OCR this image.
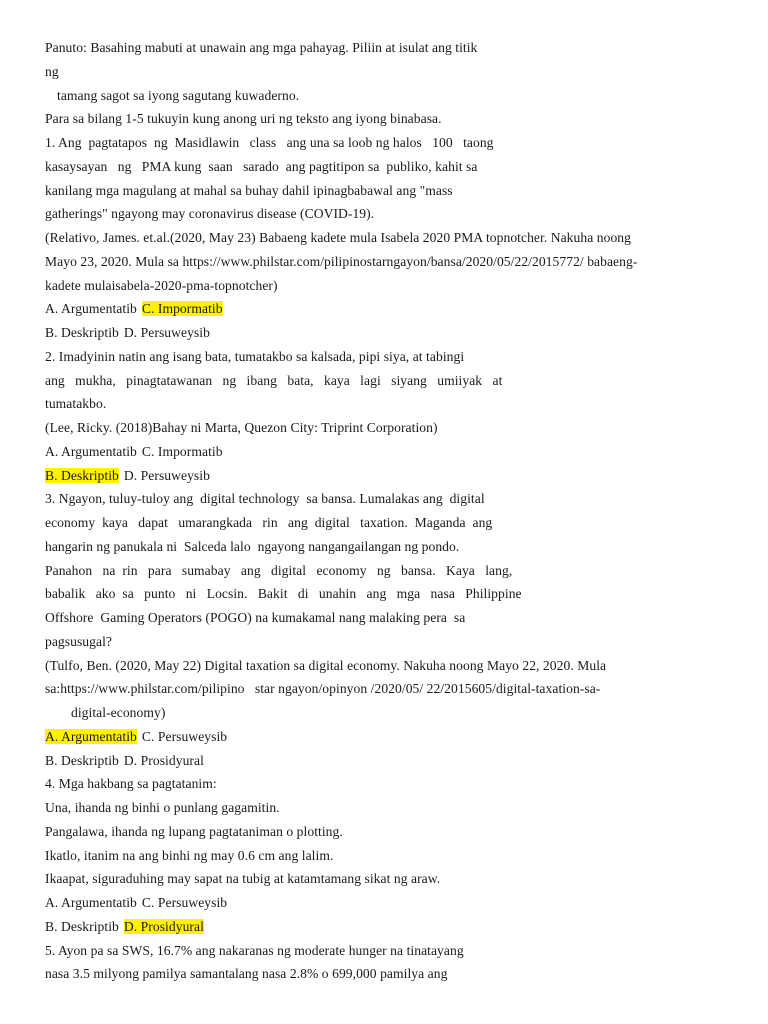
Panuto: Basahing mabuti at unawain ang mga pahayag. Piliin at isulat ang titik
ng
tamang sagot sa iyong sagutang kuwaderno.
Para sa bilang 1-5 tukuyin kung anong uri ng teksto ang iyong binabasa.
1. Ang  pagtatapos  ng  Masidlawin   class   ang una sa loob ng halos   100   taong
kasaysayan   ng   PMA kung  saan   sarado  ang pagtitipon sa  publiko, kahit sa
kanilang mga magulang at mahal sa buhay dahil ipinagbabawal ang "mass
gatherings" ngayong may coronavirus disease (COVID-19).
(Relativo, James. et.al.(2020, May 23) Babaeng kadete mula Isabela 2020 PMA topnotcher. Nakuha noong
Mayo 23, 2020. Mula sa https://www.philstar.com/pilipinostarngayon/bansa/2020/05/22/2015772/ babaeng-
kadete mulaisabela-2020-pma-topnotcher)
A. Argumentatib C. Impormatib
B. Deskriptib D. Persuweysib
2. Imadyinin natin ang isang bata, tumatakbo sa kalsada, pipi siya, at tabingi
ang   mukha,   pinagtatawanan   ng   ibang   bata,   kaya   lagi   siyang   umiiyak   at
tumatakbo.
(Lee, Ricky. (2018)Bahay ni Marta, Quezon City: Triprint Corporation)
A. Argumentatib C. Impormatib
B. Deskriptib D. Persuweysib
3. Ngayon, tuluy-tuloy ang  digital technology  sa bansa. Lumalakas ang  digital
economy  kaya   dapat   umarangkada   rin   ang  digital   taxation.  Maganda  ang
hangarin ng panukala ni  Salceda lalo  ngayong nangangailangan ng pondo.
Panahon   na  rin   para   sumabay   ang   digital   economy   ng   bansa.   Kaya   lang,
babalik   ako  sa   punto   ni   Locsin.   Bakit   di   unahin   ang   mga   nasa   Philippine
Offshore  Gaming Operators (POGO) na kumakamal nang malaking pera  sa
pagsusugal?
(Tulfo, Ben. (2020, May 22) Digital taxation sa digital economy. Nakuha noong Mayo 22, 2020. Mula
sa:https://www.philstar.com/pilipino   star ngayon/opinyon /2020/05/ 22/2015605/digital-taxation-sa-
digital-economy)
A. Argumentatib C. Persuweysib
B. Deskriptib D. Prosidyural
4. Mga hakbang sa pagtatanim:
Una, ihanda ng binhi o punlang gagamitin.
Pangalawa, ihanda ng lupang pagtataniman o plotting.
Ikatlo, itanim na ang binhi ng may 0.6 cm ang lalim.
Ikaapat, siguraduhing may sapat na tubig at katamtamang sikat ng araw.
A. Argumentatib C. Persuweysib
B. Deskriptib D. Prosidyural
5. Ayon pa sa SWS, 16.7% ang nakaranas ng moderate hunger na tinatayang
nasa 3.5 milyong pamilya samantalang nasa 2.8% o 699,000 pamilya ang
